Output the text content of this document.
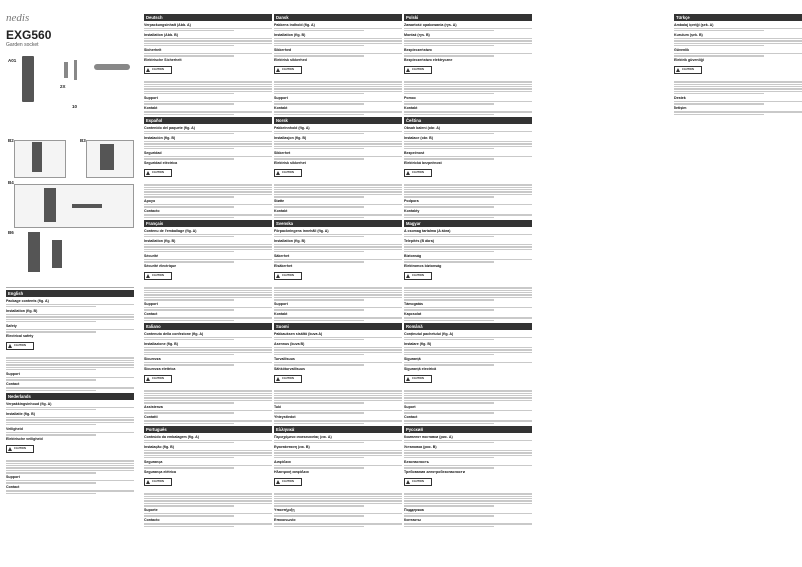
nedis
EXG560
Garden socket
A01
2X
10
B2	B3
B4
B6
English
Package contents (fig. A)
Installation (fig. B)
Safety
Electrical safety
CAUTION
Support
Contact
Nederlands
Verpakkingsinhoud (fig. A)
Installatie (fig. B)
Veiligheid
Elektrische veiligheid
CAUTION
Support
Contact
Deutsch
Verpackungsinhalt (Abb. A)
Installation (Abb. B)
Sicherheit
Elektrische Sicherheit
CAUTION
Support
Kontakt
Español
Contenido del paquete (fig. A)
Instalación (fig. B)
Seguridad
Seguridad eléctrica
CAUTION
Apoyo
Contacto
Français
Contenu de l'emballage (fig. A)
Installation (fig. B)
Sécurité
Sécurité électrique
CAUTION
Support
Contact
Italiano
Contenuto della confezione (fig. A)
Installazione (fig. B)
Sicurezza
Sicurezza elettrica
CAUTION
Assistenza
Contatti
Português
Conteúdo da embalagem (fig. A)
Instalação (fig. B)
Segurança
Segurança elétrica
CAUTION
Suporte
Contacto
Dansk
Pakkens indhold (fig. A)
Installation (fig. B)
Sikkerhed
Elektrisk sikkerhed
CAUTION
Support
Kontakt
Norsk
Pakkeinnhold (fig. A)
Installasjon (fig. B)
Sikkerhet
Elektrisk sikkerhet
CAUTION
Støtte
Kontakt
Svenska
Förpackningens innehåll (fig. A)
Installation (fig. B)
Säkerhet
Elsäkerhet
CAUTION
Support
Kontakt
Suomi
Pakkauksen sisältö (kuva A)
Asennus (kuva B)
Turvallisuus
Sähköturvallisuus
CAUTION
Tuki
Yhteystiedot
Ελληνικά
Περιεχόμενα συσκευασίας (εικ. A)
Εγκατάσταση (εικ. B)
Ασφάλεια
Ηλεκτρική ασφάλεια
CAUTION
Υποστήριξη
Επικοινωνία
Polski
Zawartość opakowania (rys. A)
Montaż (rys. B)
Bezpieczeństwo
Bezpieczeństwo elektryczne
CAUTION
Pomoc
Kontakt
Čeština
Obsah balení (obr. A)
Instalace (obr. B)
Bezpečnost
Elektrická bezpečnost
CAUTION
Podpora
Kontakty
Magyar
A csomag tartalma (A ábra)
Telepítés (B ábra)
Biztonság
Elektromos biztonság
CAUTION
Támogatás
Kapcsolat
Română
Conținutul pachetului (fig. A)
Instalare (fig. B)
Siguranță
Siguranță electrică
CAUTION
Suport
Contact
Русский
Комплект поставки (рис. A)
Установка (рис. B)
Безопасность
Требования электробезопасности
CAUTION
Поддержка
Контакты
Türkçe
Ambalaj içeriği (şek. A)
Kurulum (şek. B)
Güvenlik
Elektrik güvenliği
CAUTION
Destek
İletişim
